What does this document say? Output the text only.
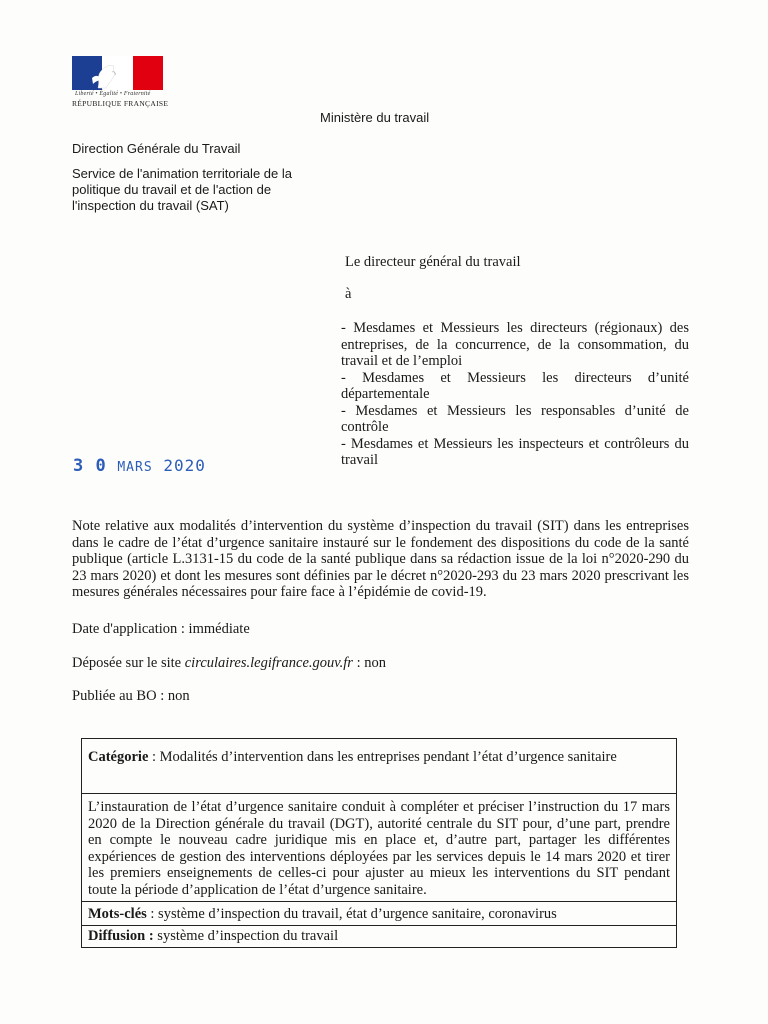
Liberté • Égalité • Fraternité
RÉPUBLIQUE FRANÇAISE
Ministère du travail
Direction Générale du Travail
Service de l'animation territoriale de la
politique du travail et de l'action de
l'inspection du travail (SAT)
Le directeur général du travail
à

- Mesdames et Messieurs les directeurs (régionaux) des entreprises, de la concurrence, de la consommation, du travail et de l’emploi

- Mesdames et Messieurs les directeurs d’unité départementale

- Mesdames et Messieurs les responsables d’unité de contrôle

- Mesdames et Messieurs les inspecteurs et contrôleurs du travail

3 0 MARS 2020
Note relative aux modalités d’intervention du système d’inspection du travail (SIT) dans les entreprises dans le cadre de l’état d’urgence sanitaire instauré sur le fondement des dispositions du code de la santé publique (article L.3131-15 du code de la santé publique dans sa rédaction issue de la loi n°2020-290 du 23 mars 2020) et dont les mesures sont définies par le décret n°2020-293 du 23 mars 2020 prescrivant les mesures générales nécessaires pour faire face à l’épidémie de covid-19.
Date d'application : immédiate
Déposée sur le site circulaires.legifrance.gouv.fr : non
Publiée au BO : non
Catégorie : Modalités d’intervention dans les entreprises pendant l’état d’urgence sanitaire

L’instauration de l’état d’urgence sanitaire conduit à compléter et préciser l’instruction du 17 mars 2020 de la Direction générale du travail (DGT), autorité centrale du SIT pour, d’une part, prendre en compte le nouveau cadre juridique mis en place et, d’autre part, partager les différentes expériences de gestion des interventions déployées par les services depuis le 14 mars 2020 et tirer les premiers enseignements de celles-ci pour ajuster au mieux les interventions du SIT pendant toute la période d’application de l’état d’urgence sanitaire.

Mots-clés : système d’inspection du travail, état d’urgence sanitaire, coronavirus
Diffusion : système d’inspection du travail
